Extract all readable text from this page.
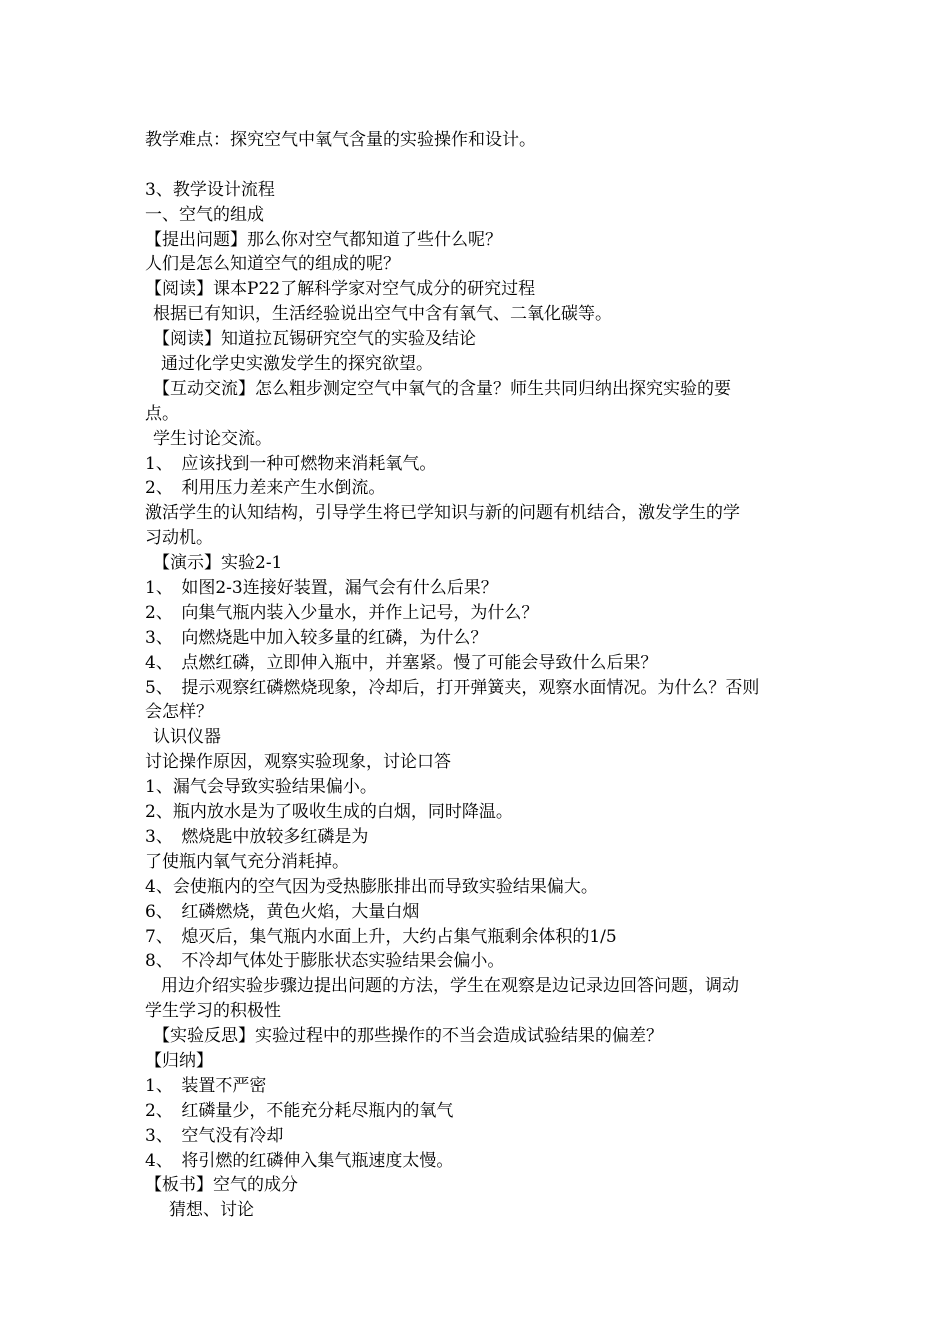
教学难点：探究空气中氧气含量的实验操作和设计。
3、教学设计流程
一、空气的组成
【提出问题】那么你对空气都知道了些什么呢？
人们是怎么知道空气的组成的呢？
【阅读】课本P22了解科学家对空气成分的研究过程
根据已有知识，生活经验说出空气中含有氧气、二氧化碳等。
【阅读】知道拉瓦锡研究空气的实验及结论
通过化学史实激发学生的探究欲望。
【互动交流】怎么粗步测定空气中氧气的含量？师生共同归纳出探究实验的要
点。
学生讨论交流。
1、　应该找到一种可燃物来消耗氧气。
2、　利用压力差来产生水倒流。
激活学生的认知结构，引导学生将已学知识与新的问题有机结合，激发学生的学
习动机。
【演示】实验2-1
1、　如图2-3连接好装置，漏气会有什么后果？
2、　向集气瓶内装入少量水，并作上记号，为什么？
3、　向燃烧匙中加入较多量的红磷，为什么？
4、　点燃红磷，立即伸入瓶中，并塞紧。慢了可能会导致什么后果？
5、　提示观察红磷燃烧现象，冷却后，打开弹簧夹，观察水面情况。为什么？否则
会怎样？
认识仪器
讨论操作原因，观察实验现象，讨论口答
1、漏气会导致实验结果偏小。
2、瓶内放水是为了吸收生成的白烟，同时降温。
3、　燃烧匙中放较多红磷是为
了使瓶内氧气充分消耗掉。
4、会使瓶内的空气因为受热膨胀排出而导致实验结果偏大。
6、　红磷燃烧，黄色火焰，大量白烟
7、　熄灭后，集气瓶内水面上升，大约占集气瓶剩余体积的1/5
8、　不冷却气体处于膨胀状态实验结果会偏小。
用边介绍实验步骤边提出问题的方法，学生在观察是边记录边回答问题，调动
学生学习的积极性
【实验反思】实验过程中的那些操作的不当会造成试验结果的偏差？
【归纳】
1、　装置不严密
2、　红磷量少，不能充分耗尽瓶内的氧气
3、　空气没有冷却
4、　将引燃的红磷伸入集气瓶速度太慢。
【板书】空气的成分
猜想、讨论
